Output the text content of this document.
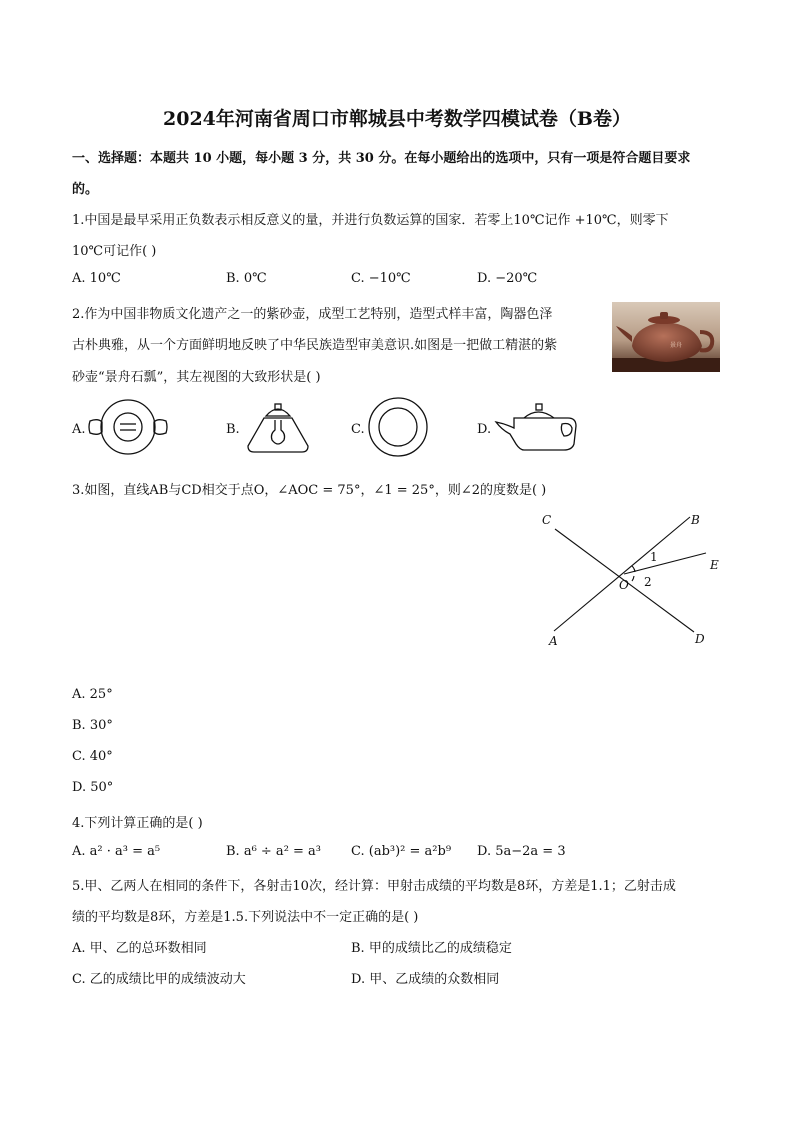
2024年河南省周口市郸城县中考数学四模试卷（B卷）
一、选择题：本题共 10 小题，每小题 3 分，共 30 分。在每小题给出的选项中，只有一项是符合题目要求
的。
1.中国是最早采用正负数表示相反意义的量，并进行负数运算的国家．若零上10℃记作 +10℃，则零下
10℃可记作( )
A. 10℃	B. 0℃	C. −10℃	D. −20℃
2.作为中国非物质文化遗产之一的紫砂壶，成型工艺特别，造型式样丰富，陶器色泽
古朴典雅，从一个方面鲜明地反映了中华民族造型审美意识.如图是一把做工精湛的紫
砂壶“景舟石瓢”，其左视图的大致形状是( )
景舟
A.	B.	C.	D.
3.如图，直线AB与CD相交于点O，∠AOC = 75°，∠1 = 25°，则∠2的度数是( )
C	B
1
E
O 2
A	D
A. 25°
B. 30°
C. 40°
D. 50°
4.下列计算正确的是( )
A. a² · a³ = a⁵	B. a⁶ ÷ a² = a³ C. (ab³)² = a²b⁹ D. 5a−2a = 3
5.甲、乙两人在相同的条件下，各射击10次，经计算：甲射击成绩的平均数是8环，方差是1.1；乙射击成
绩的平均数是8环，方差是1.5.下列说法中不一定正确的是( )
A. 甲、乙的总环数相同	B. 甲的成绩比乙的成绩稳定
C. 乙的成绩比甲的成绩波动大	D. 甲、乙成绩的众数相同
